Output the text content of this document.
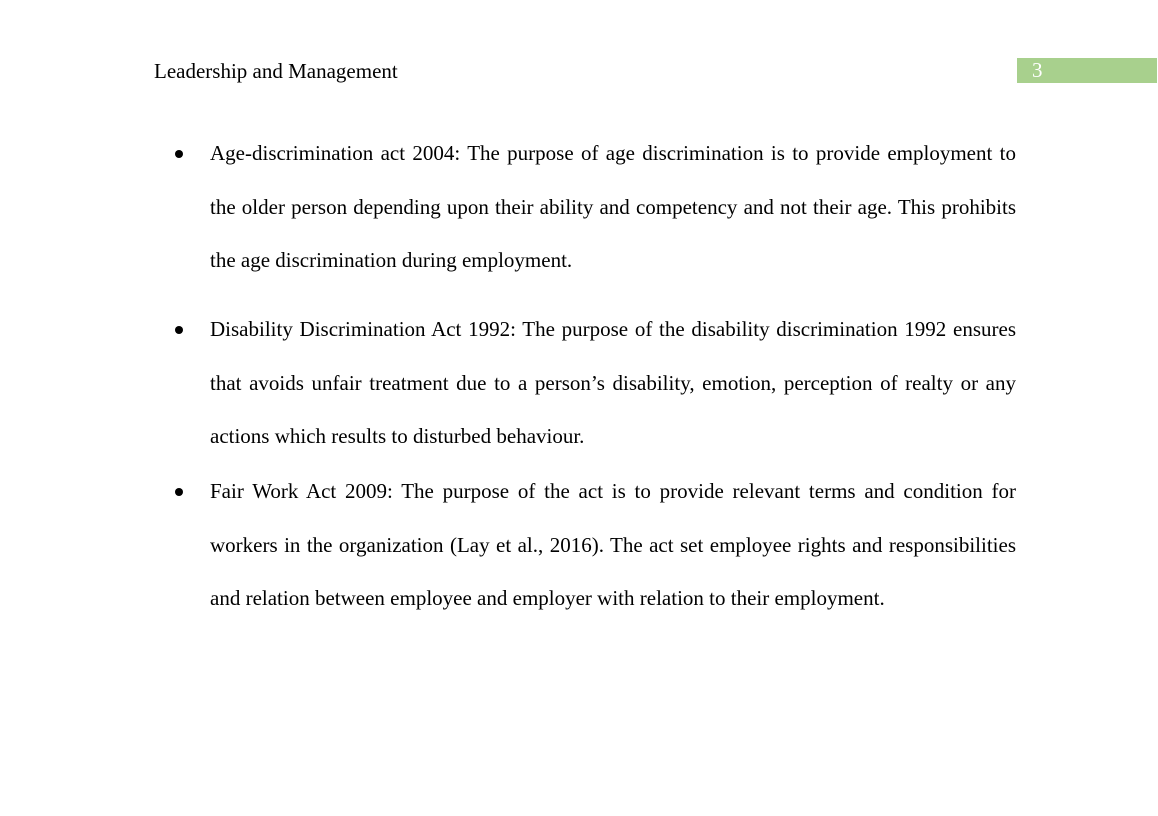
Leadership and Management	3

Age-discrimination act 2004: The purpose of age discrimination is to provide employment to the older person depending upon their ability and competency and not their age. This prohibits the age discrimination during employment.

Disability Discrimination Act 1992: The purpose of the disability discrimination 1992 ensures that avoids unfair treatment due to a person’s disability, emotion, perception of realty or any actions which results to disturbed behaviour.

Fair Work Act 2009: The purpose of the act is to provide relevant terms and condition for workers in the organization (Lay et al., 2016). The act set employee rights and responsibilities and relation between employee and employer with relation to their employment.
